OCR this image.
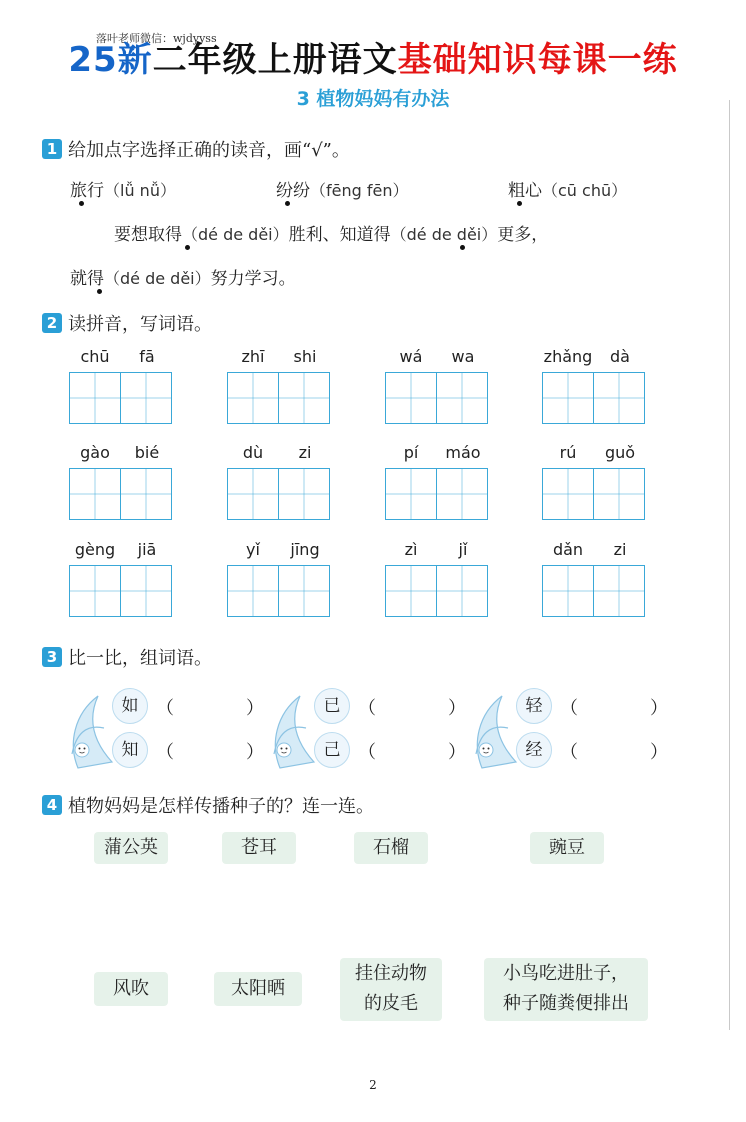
落叶老师微信：wjdyyss
25新二年级上册语文基础知识每课一练
3 植物妈妈有办法
1 给加点字选择正确的读音，画“√”。
旅行（lǚ nǚ）	纷纷（fēng fēn）	粗心（cū chū）
要想取得（dé de děi）胜利、知道得（dé de děi）更多，
就得（dé de děi）努力学习。
2 读拼音，写词语。
chū	fā	zhī	shi	wá	wa	zhǎng	dà
gào	bié	dù	zi	pí	máo	rú	guǒ
gèng	jiā	yǐ	jīng	zì	jǐ	dǎn	zi
3 比一比，组词语。
如 （　　　　）
知 （　　　　）
已 （　　　　）
己 （　　　　）
轻 （　　　　）
经 （　　　　）
4 植物妈妈是怎样传播种子的？连一连。
蒲公英	苍耳	石榴	豌豆
风吹	太阳晒
挂住动物
的皮毛
小鸟吃进肚子，
种子随粪便排出
2
